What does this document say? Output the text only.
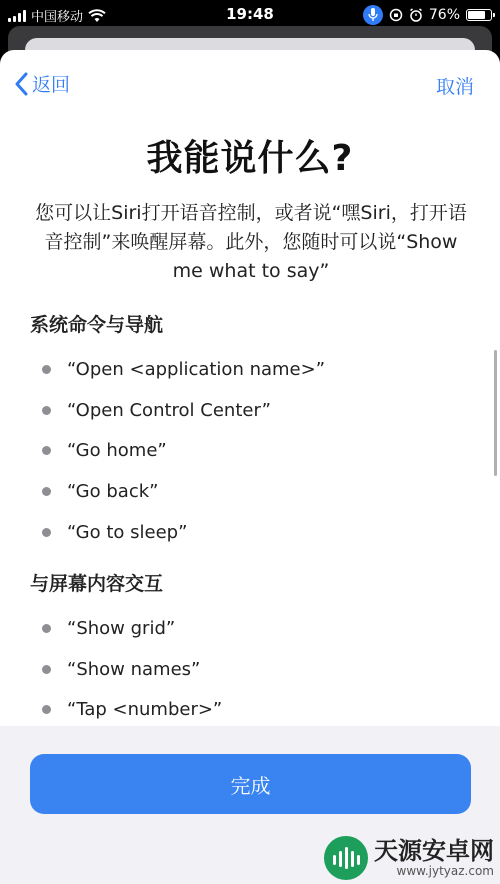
中国移动	19:48	76%
返回	取消
我能说什么?
您可以让Siri打开语音控制，或者说“嘿Siri，打开语音控制”来唤醒屏幕。此外，您随时可以说“Show me what to say”
系统命令与导航
“Open <application name>”
“Open Control Center”
“Go home”
“Go back”
“Go to sleep”
与屏幕内容交互
“Show grid”
“Show names”
“Tap <number>”
完成
天源安卓网
www.jytyaz.com
